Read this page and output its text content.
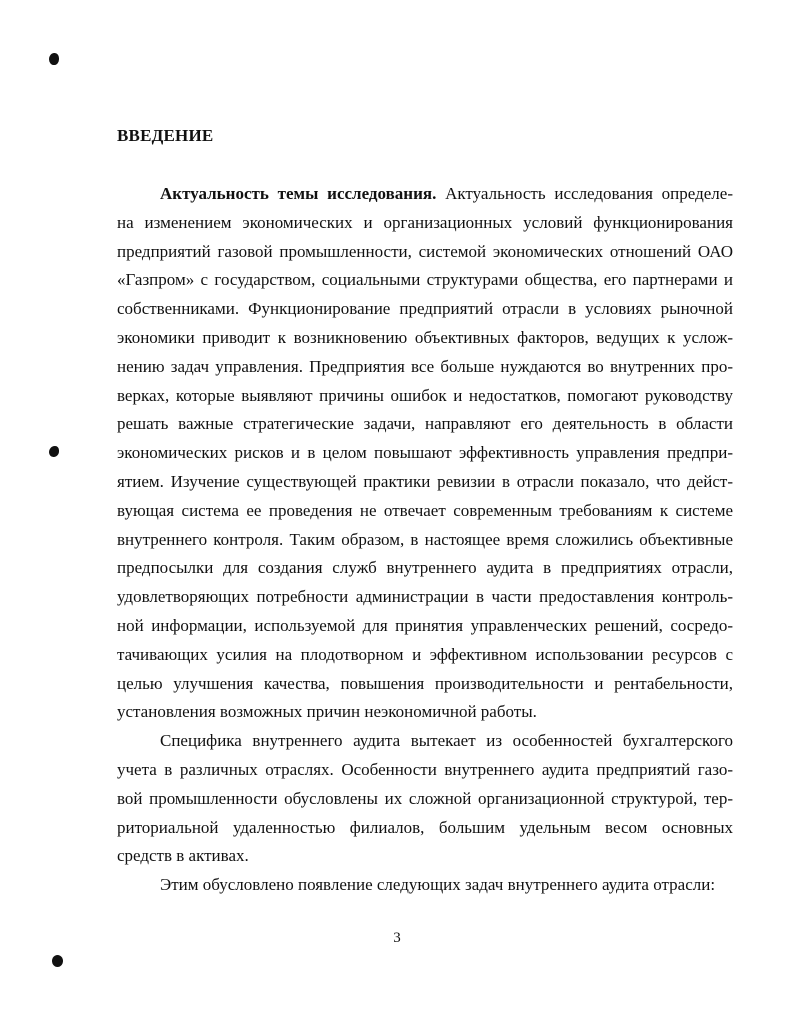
ВВЕДЕНИЕ
Актуальность темы исследования. Актуальность исследования определе-
на изменением экономических и организационных условий функционирования
предприятий газовой промышленности, системой экономических отношений ОАО
«Газпром» с государством, социальными структурами общества, его партнерами и
собственниками. Функционирование предприятий отрасли в условиях рыночной
экономики приводит к возникновению объективных факторов, ведущих к услож-
нению задач управления. Предприятия все больше нуждаются во внутренних про-
верках, которые выявляют причины ошибок и недостатков, помогают руководству
решать важные стратегические задачи, направляют его деятельность в области
экономических рисков и в целом повышают эффективность управления предпри-
ятием. Изучение существующей практики ревизии в отрасли показало, что дейст-
вующая система ее проведения не отвечает современным требованиям к системе
внутреннего контроля. Таким образом, в настоящее время сложились объективные
предпосылки для создания служб внутреннего аудита в предприятиях отрасли,
удовлетворяющих потребности администрации в части предоставления контроль-
ной информации, используемой для принятия управленческих решений, сосредо-
тачивающих усилия на плодотворном и эффективном использовании ресурсов с
целью улучшения качества, повышения производительности и рентабельности,
установления возможных причин неэкономичной работы.
Специфика внутреннего аудита вытекает из особенностей бухгалтерского
учета в различных отраслях. Особенности внутреннего аудита предприятий газо-
вой промышленности обусловлены их сложной организационной структурой, тер-
риториальной удаленностью филиалов, большим удельным весом основных
средств в активах.
Этим обусловлено появление следующих задач внутреннего аудита отрасли:
3
